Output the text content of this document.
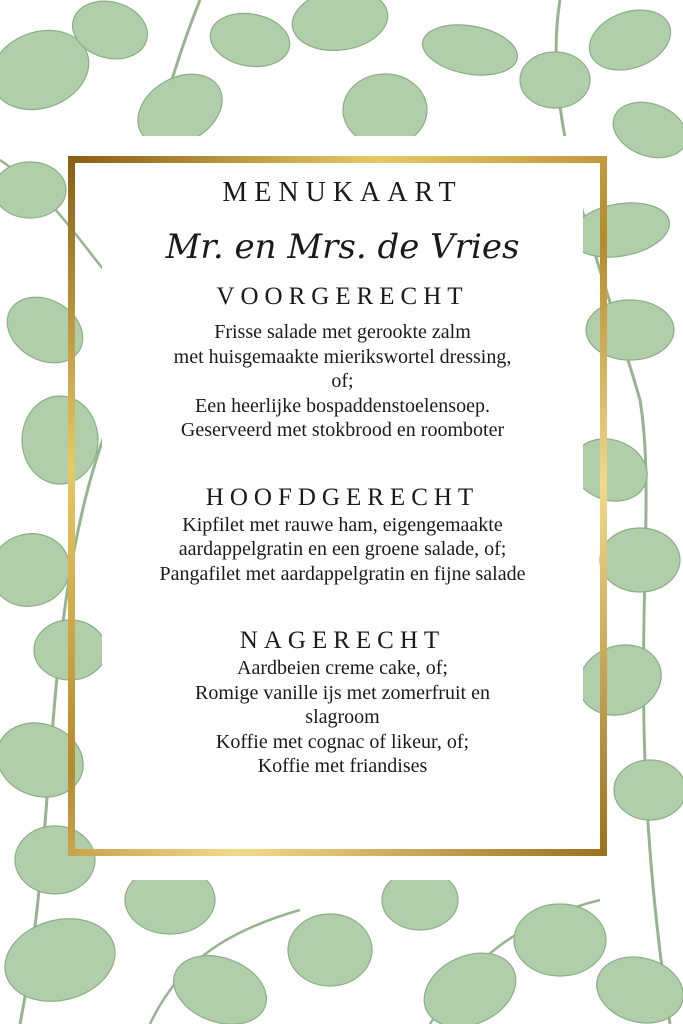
MENUKAART
Mr. en Mrs. de Vries
VOORGERECHT
Frisse salade met gerookte zalm
met huisgemaakte mierikswortel dressing,
of;
Een heerlijke bospaddenstoelensoep.
Geserveerd met stokbrood en roomboter
HOOFDGERECHT
Kipfilet met rauwe ham, eigengemaakte
aardappelgratin en een groene salade, of;
Pangafilet met aardappelgratin en fijne salade
NAGERECHT
Aardbeien creme cake, of;
Romige vanille ijs met zomerfruit en
slagroom
Koffie met cognac of likeur, of;
Koffie met friandises
